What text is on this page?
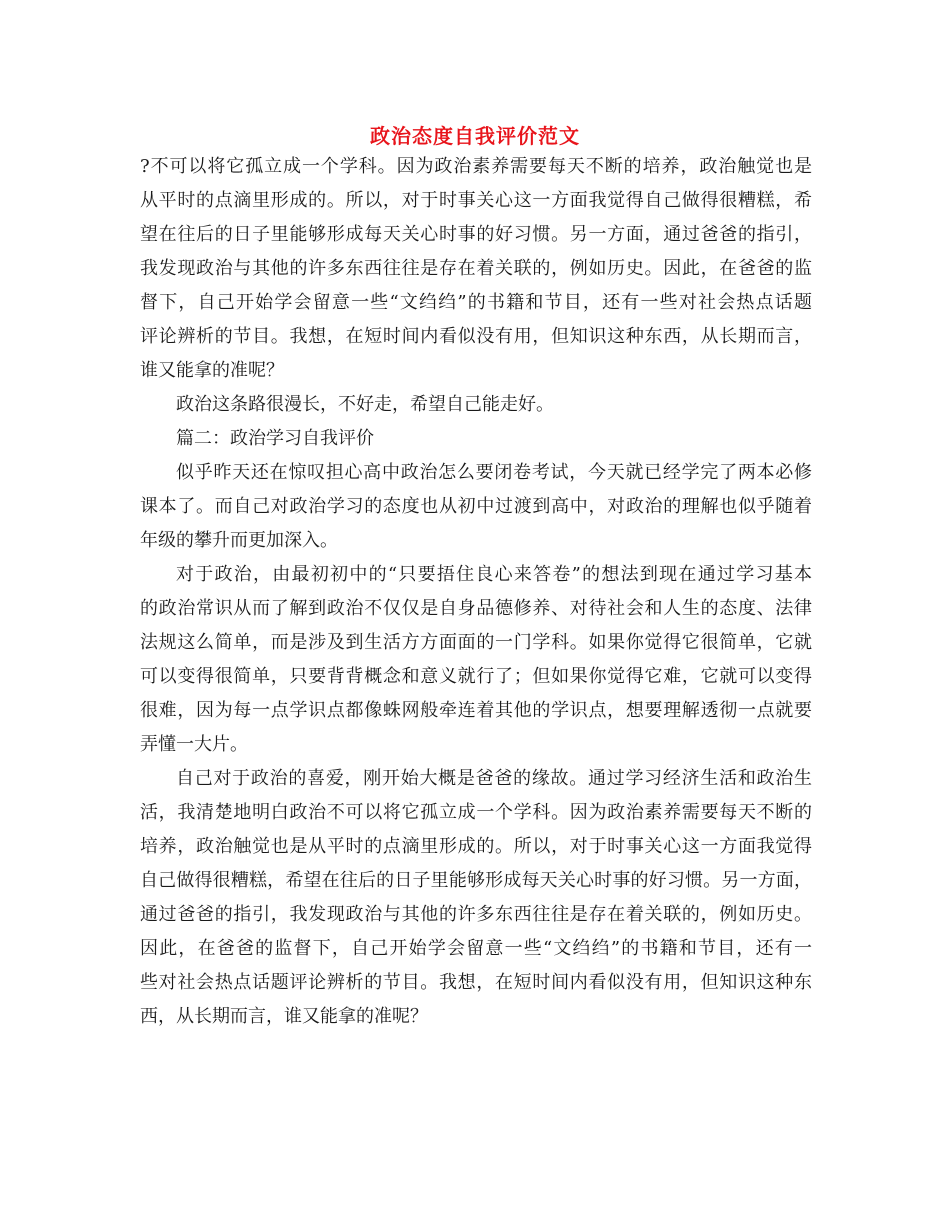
政治态度自我评价范文
?不可以将它孤立成一个学科。因为政治素养需要每天不断的培养，政治触觉也是
从平时的点滴里形成的。所以，对于时事关心这一方面我觉得自己做得很糟糕，希
望在往后的日子里能够形成每天关心时事的好习惯。另一方面，通过爸爸的指引，
我发现政治与其他的许多东西往往是存在着关联的，例如历史。因此，在爸爸的监
督下，自己开始学会留意一些“文绉绉”的书籍和节目，还有一些对社会热点话题
评论辨析的节目。我想，在短时间内看似没有用，但知识这种东西，从长期而言，
谁又能拿的准呢？
政治这条路很漫长，不好走，希望自己能走好。
篇二：政治学习自我评价
似乎昨天还在惊叹担心高中政治怎么要闭卷考试，今天就已经学完了两本必修
课本了。而自己对政治学习的态度也从初中过渡到高中，对政治的理解也似乎随着
年级的攀升而更加深入。
对于政治，由最初初中的“只要捂住良心来答卷”的想法到现在通过学习基本
的政治常识从而了解到政治不仅仅是自身品德修养、对待社会和人生的态度、法律
法规这么简单，而是涉及到生活方方面面的一门学科。如果你觉得它很简单，它就
可以变得很简单，只要背背概念和意义就行了；但如果你觉得它难，它就可以变得
很难，因为每一点学识点都像蛛网般牵连着其他的学识点，想要理解透彻一点就要
弄懂一大片。
自己对于政治的喜爱，刚开始大概是爸爸的缘故。通过学习经济生活和政治生
活，我清楚地明白政治不可以将它孤立成一个学科。因为政治素养需要每天不断的
培养，政治触觉也是从平时的点滴里形成的。所以，对于时事关心这一方面我觉得
自己做得很糟糕，希望在往后的日子里能够形成每天关心时事的好习惯。另一方面，
通过爸爸的指引，我发现政治与其他的许多东西往往是存在着关联的，例如历史。
因此，在爸爸的监督下，自己开始学会留意一些“文绉绉”的书籍和节目，还有一
些对社会热点话题评论辨析的节目。我想，在短时间内看似没有用，但知识这种东
西，从长期而言，谁又能拿的准呢？
